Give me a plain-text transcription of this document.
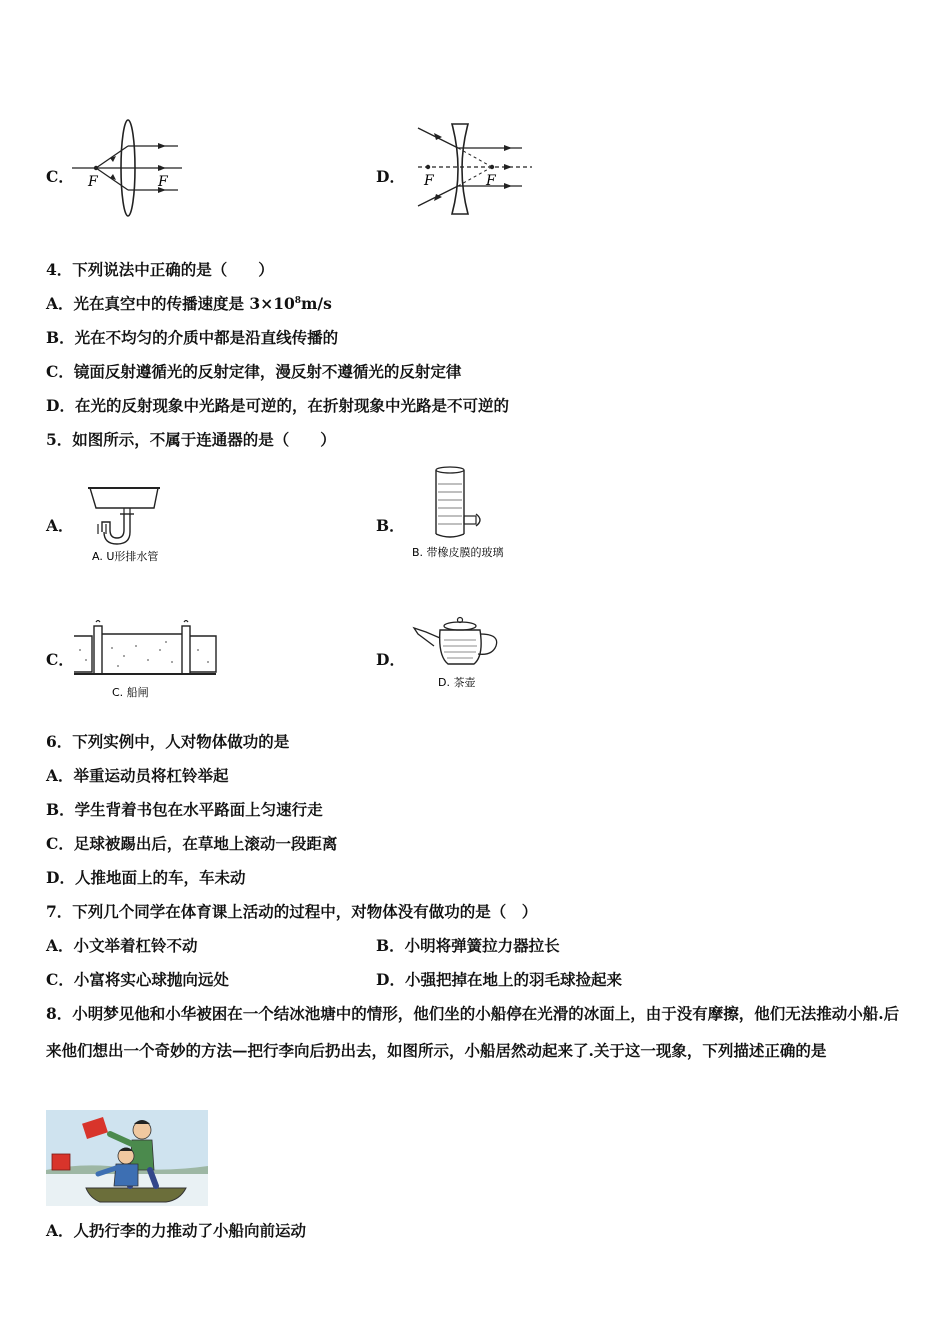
C． F	F	D． F	F
4．下列说法中正确的是（　　）
A．光在真空中的传播速度是 $3\times 10^8m/s$
B．光在不均匀的介质中都是沿直线传播的
C．镜面反射遵循光的反射定律，漫反射不遵循光的反射定律
D．在光的反射现象中光路是可逆的，在折射现象中光路是不可逆的
5．如图所示，不属于连通器的是（　　）
A．
A. U形排水管
B．
B. 带橡皮膜的玻璃
C．
C. 船闸
D．
D. 茶壶
6．下列实例中，人对物体做功的是
A．举重运动员将杠铃举起
B．学生背着书包在水平路面上匀速行走
C．足球被踢出后，在草地上滚动一段距离
D．人推地面上的车，车未动
7．下列几个同学在体育课上活动的过程中，对物体没有做功的是（　）
A．小文举着杠铃不动	B．小明将弹簧拉力器拉长
C．小富将实心球抛向远处	D．小强把掉在地上的羽毛球捡起来
8．小明梦见他和小华被困在一个结冰池塘中的情形，他们坐的小船停在光滑的冰面上，由于没有摩擦，他们无法推动小船.后来他们想出一个奇妙的方法—把行李向后扔出去，如图所示，小船居然动起来了.关于这一现象，下列描述正确的是
A．人扔行李的力推动了小船向前运动
